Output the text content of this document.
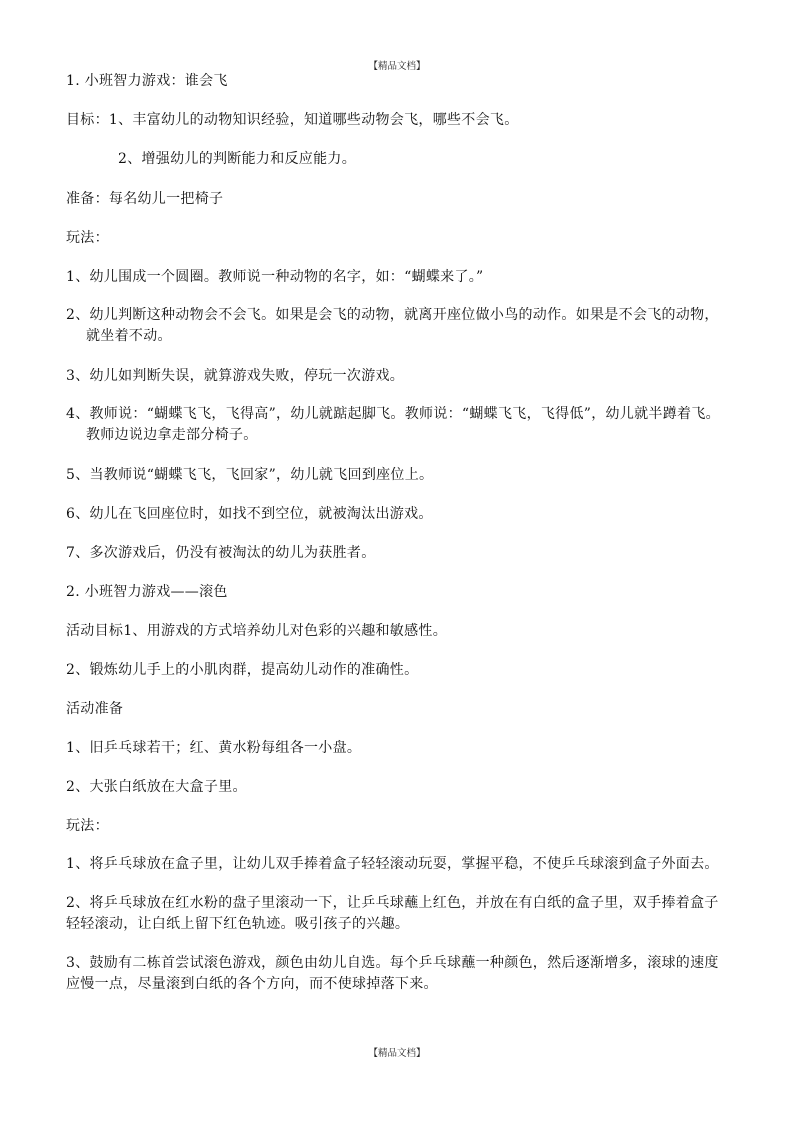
【精品文档】

1. 小班智力游戏：谁会飞

目标：1、丰富幼儿的动物知识经验，知道哪些动物会飞，哪些不会飞。

2、增强幼儿的判断能力和反应能力。

准备：每名幼儿一把椅子

玩法：

1、幼儿围成一个圆圈。教师说一种动物的名字，如：“蝴蝶来了。”

2、幼儿判断这种动物会不会飞。如果是会飞的动物，就离开座位做小鸟的动作。如果是不会飞的动物，就坐着不动。

3、幼儿如判断失误，就算游戏失败，停玩一次游戏。

4、教师说：“蝴蝶飞飞，飞得高”，幼儿就踮起脚飞。教师说：“蝴蝶飞飞，飞得低”，幼儿就半蹲着飞。教师边说边拿走部分椅子。

5、当教师说“蝴蝶飞飞，飞回家”，幼儿就飞回到座位上。

6、幼儿在飞回座位时，如找不到空位，就被淘汰出游戏。

7、多次游戏后，仍没有被淘汰的幼儿为获胜者。

2. 小班智力游戏——滚色

活动目标1、用游戏的方式培养幼儿对色彩的兴趣和敏感性。

2、锻炼幼儿手上的小肌肉群，提高幼儿动作的准确性。

活动准备

1、旧乒乓球若干；红、黄水粉每组各一小盘。

2、大张白纸放在大盒子里。

玩法：

1、将乒乓球放在盒子里，让幼儿双手捧着盒子轻轻滚动玩耍，掌握平稳，不使乒乓球滚到盒子外面去。

2、将乒乓球放在红水粉的盘子里滚动一下，让乒乓球蘸上红色，并放在有白纸的盒子里，双手捧着盒子轻轻滚动，让白纸上留下红色轨迹。吸引孩子的兴趣。

3、鼓励有二栋首尝试滚色游戏，颜色由幼儿自选。每个乒乓球蘸一种颜色，然后逐渐增多，滚球的速度应慢一点，尽量滚到白纸的各个方向，而不使球掉落下来。

【精品文档】
